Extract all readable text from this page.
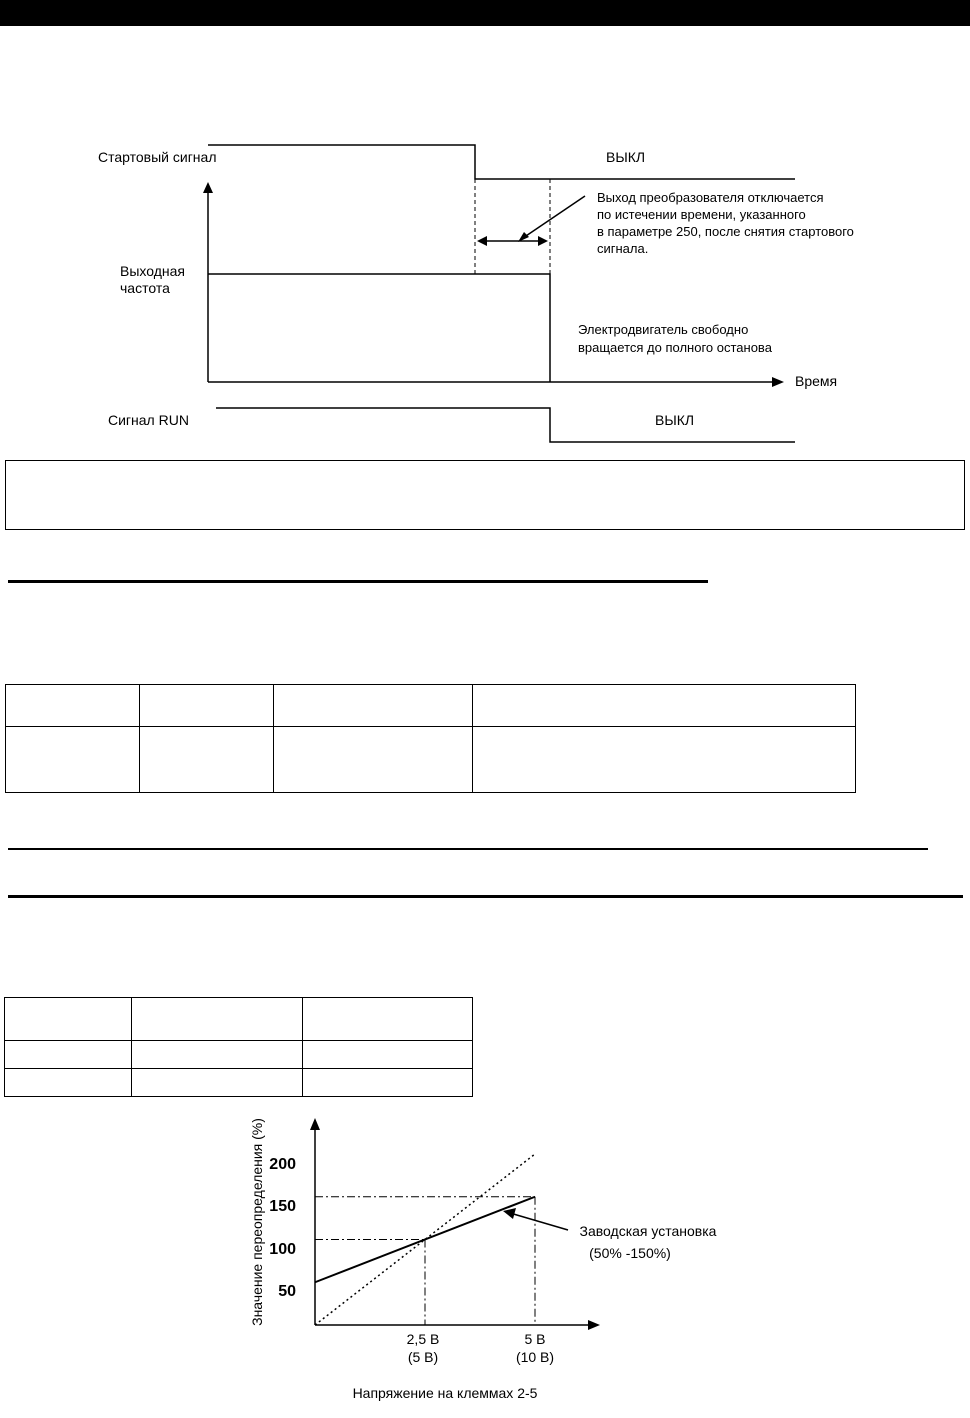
Стартовый сигнал	ВЫКЛ
Выход преобразователя отключается по истечении времени, указанного в параметре 250, после снятия стартового сигнала.
Выходная частота
Время
Электродвигатель свободно вращается до полного останова
Сигнал RUN	ВЫКЛ

Значение переопределения (%) 200
150
100
50
Заводская установка
(50% -150%)
2,5 В
(5 В)
5 В
(10 В)
Напряжение на клеммах 2-5
